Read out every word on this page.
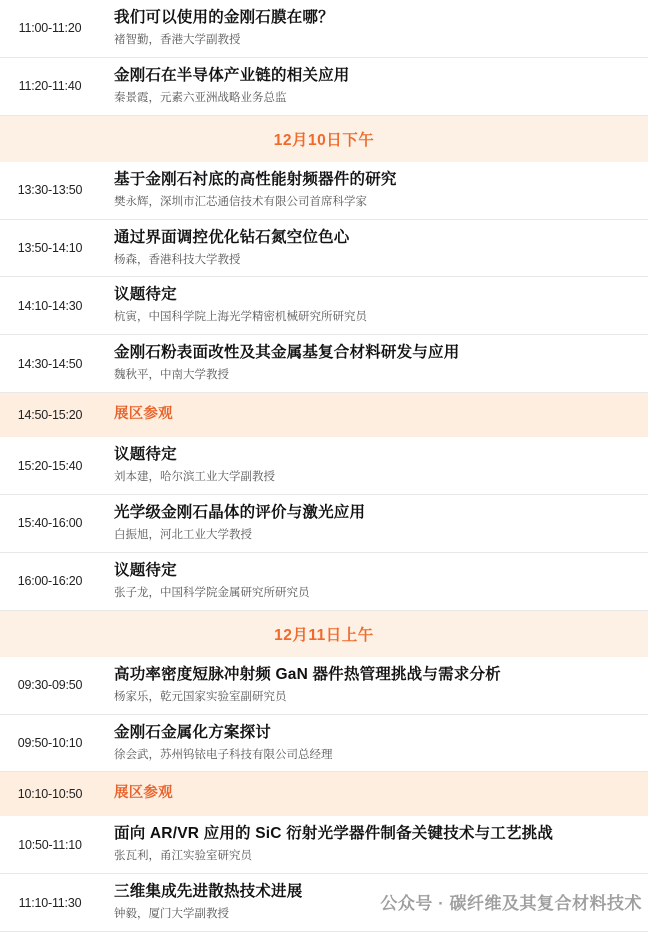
11:00-11:20
我们可以使用的金刚石膜在哪？
褚智勤，香港大学副教授
11:20-11:40
金刚石在半导体产业链的相关应用
秦景霞，元素六亚洲战略业务总监
12月10日下午
13:30-13:50
基于金刚石衬底的高性能射频器件的研究
樊永辉，深圳市汇芯通信技术有限公司首席科学家
13:50-14:10
通过界面调控优化钻石氮空位色心
杨森，香港科技大学教授
14:10-14:30
议题待定
杭寅，中国科学院上海光学精密机械研究所研究员
14:30-14:50
金刚石粉表面改性及其金属基复合材料研发与应用
魏秋平，中南大学教授
14:50-15:20	展区参观
15:20-15:40
议题待定
刘本建，哈尔滨工业大学副教授
15:40-16:00
光学级金刚石晶体的评价与激光应用
白振旭，河北工业大学教授
16:00-16:20
议题待定
张子龙，中国科学院金属研究所研究员
12月11日上午
09:30-09:50
高功率密度短脉冲射频 GaN 器件热管理挑战与需求分析
杨家乐，乾元国家实验室副研究员
09:50-10:10
金刚石金属化方案探讨
徐会武，苏州钨铱电子科技有限公司总经理
10:10-10:50	展区参观
10:50-11:10
面向 AR/VR 应用的 SiC 衍射光学器件制备关键技术与工艺挑战
张瓦利，甬江实验室研究员
11:10-11:30
三维集成先进散热技术进展
钟毅，厦门大学副教授
公众号 · 碳纤维及其复合材料技术
